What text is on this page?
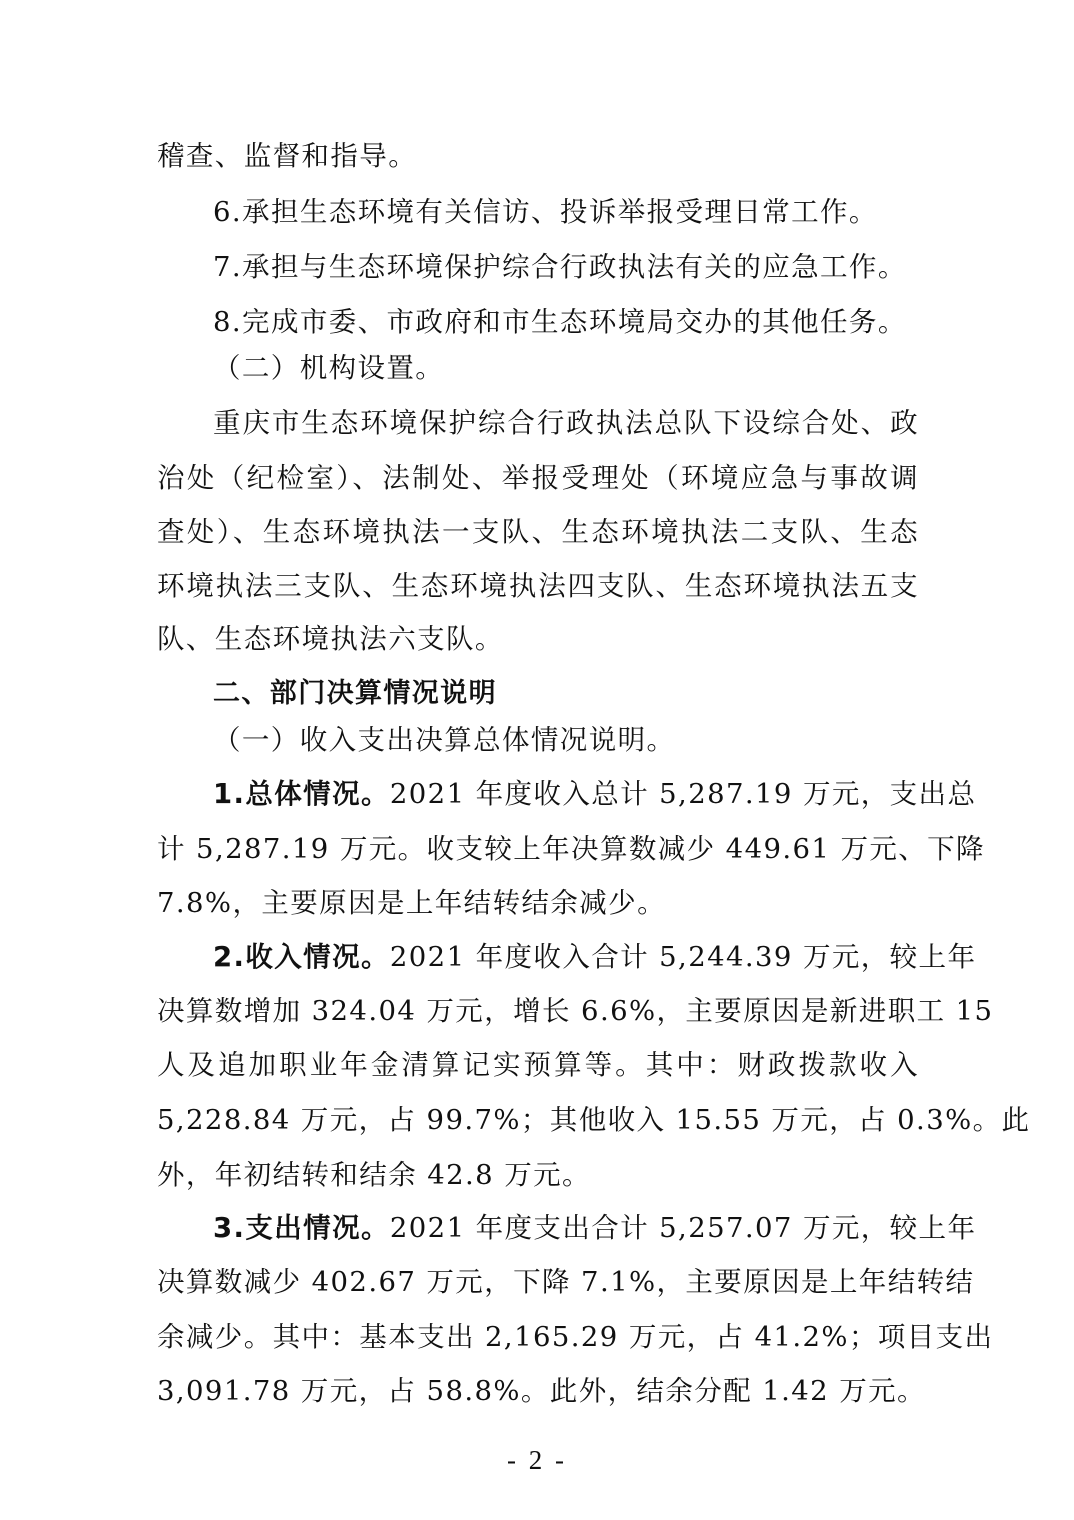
稽查、监督和指导。
6.承担生态环境有关信访、投诉举报受理日常工作。
7.承担与生态环境保护综合行政执法有关的应急工作。
8.完成市委、市政府和市生态环境局交办的其他任务。
（二）机构设置。
重庆市生态环境保护综合行政执法总队下设综合处、政
治处（纪检室）、法制处、举报受理处（环境应急与事故调
查处）、生态环境执法一支队、生态环境执法二支队、生态
环境执法三支队、生态环境执法四支队、生态环境执法五支
队、生态环境执法六支队。
二、部门决算情况说明
（一）收入支出决算总体情况说明。
1.总体情况。2021 年度收入总计 5,287.19 万元，支出总
计 5,287.19 万元。收支较上年决算数减少 449.61 万元、下降
7.8%，主要原因是上年结转结余减少。
2.收入情况。2021 年度收入合计 5,244.39 万元，较上年
决算数增加 324.04 万元，增长 6.6%，主要原因是新进职工 15
人及追加职业年金清算记实预算等。其中：财政拨款收入
5,228.84 万元，占 99.7%；其他收入 15.55 万元，占 0.3%。此
外，年初结转和结余 42.8 万元。
3.支出情况。2021 年度支出合计 5,257.07 万元，较上年
决算数减少 402.67 万元，下降 7.1%，主要原因是上年结转结
余减少。其中：基本支出 2,165.29 万元，占 41.2%；项目支出
3,091.78 万元，占 58.8%。此外，结余分配 1.42 万元。
- 2 -
